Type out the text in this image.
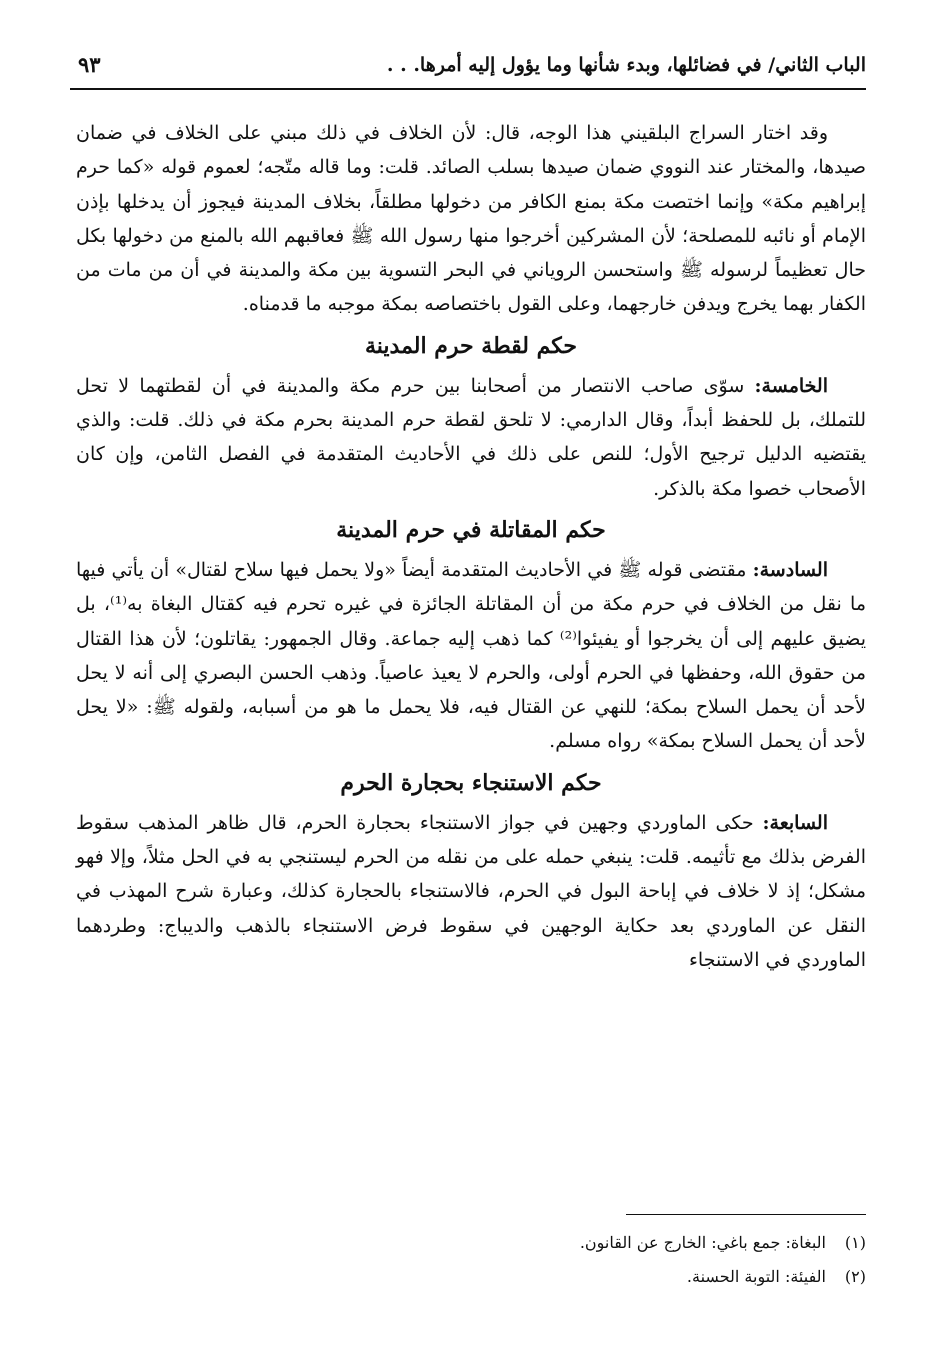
الباب الثاني/ في فضائلها، وبدء شأنها وما يؤول إليه أمرها. . .
٩٣

وقد اختار السراج البلقيني هذا الوجه، قال: لأن الخلاف في ذلك مبني على الخلاف في ضمان صيدها، والمختار عند النووي ضمان صيدها بسلب الصائد. قلت: وما قاله متّجه؛ لعموم قوله «كما حرم إبراهيم مكة» وإنما اختصت مكة بمنع الكافر من دخولها مطلقاً، بخلاف المدينة فيجوز أن يدخلها بإذن الإمام أو نائبه للمصلحة؛ لأن المشركين أخرجوا منها رسول الله ﷺ فعاقبهم الله بالمنع من دخولها بكل حال تعظيماً لرسوله ﷺ واستحسن الروياني في البحر التسوية بين مكة والمدينة في أن من مات من الكفار بهما يخرج ويدفن خارجهما، وعلى القول باختصاصه بمكة موجبه ما قدمناه.

حكم لقطة حرم المدينة

الخامسة: سوّى صاحب الانتصار من أصحابنا بين حرم مكة والمدينة في أن لقطتهما لا تحل للتملك، بل للحفظ أبداً، وقال الدارمي: لا تلحق لقطة حرم المدينة بحرم مكة في ذلك. قلت: والذي يقتضيه الدليل ترجيح الأول؛ للنص على ذلك في الأحاديث المتقدمة في الفصل الثامن، وإن كان الأصحاب خصوا مكة بالذكر.

حكم المقاتلة في حرم المدينة

السادسة: مقتضى قوله ﷺ في الأحاديث المتقدمة أيضاً «ولا يحمل فيها سلاح لقتال» أن يأتي فيها ما نقل من الخلاف في حرم مكة من أن المقاتلة الجائزة في غيره تحرم فيه كقتال البغاة به⁽¹⁾، بل يضيق عليهم إلى أن يخرجوا أو يفيئوا⁽²⁾ كما ذهب إليه جماعة. وقال الجمهور: يقاتلون؛ لأن هذا القتال من حقوق الله، وحفظها في الحرم أولى، والحرم لا يعيذ عاصياً. وذهب الحسن البصري إلى أنه لا يحل لأحد أن يحمل السلاح بمكة؛ للنهي عن القتال فيه، فلا يحمل ما هو من أسبابه، ولقوله ﷺ: «لا يحل لأحد أن يحمل السلاح بمكة» رواه مسلم.

حكم الاستنجاء بحجارة الحرم

السابعة: حكى الماوردي وجهين في جواز الاستنجاء بحجارة الحرم، قال ظاهر المذهب سقوط الفرض بذلك مع تأثيمه. قلت: ينبغي حمله على من نقله من الحرم ليستنجي به في الحل مثلاً، وإلا فهو مشكل؛ إذ لا خلاف في إباحة البول في الحرم، فالاستنجاء بالحجارة كذلك، وعبارة شرح المهذب في النقل عن الماوردي بعد حكاية الوجهين في سقوط فرض الاستنجاء بالذهب والديباج: وطردهما الماوردي في الاستنجاء

(١)البغاة: جمع باغي: الخارج عن القانون.
(٢)الفيئة: التوبة الحسنة.
